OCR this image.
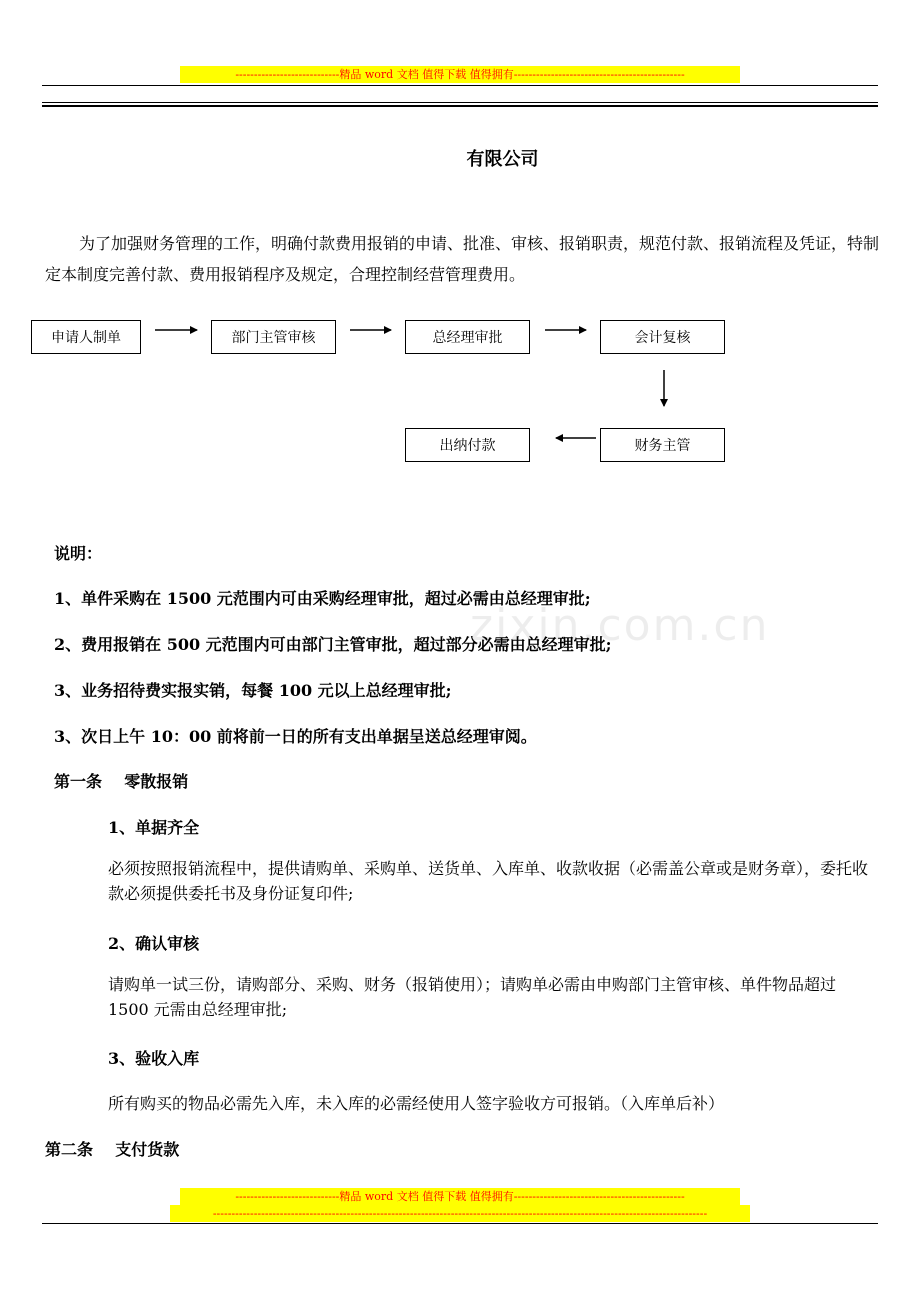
----------------------------精品 word 文档 值得下载 值得拥有----------------------------------------------
有限公司
为了加强财务管理的工作，明确付款费用报销的申请、批准、审核、报销职责，规范付款、报销流程及凭证，特制定本制度完善付款、费用报销程序及规定，合理控制经营管理费用。
申请人制单	部门主管审核	总经理审批	会计复核
财务主管
出纳付款
zixin.com.cn
说明：
1、单件采购在 1500 元范围内可由采购经理审批，超过必需由总经理审批;
2、费用报销在 500 元范围内可由部门主管审批，超过部分必需由总经理审批;
3、业务招待费实报实销，每餐 100 元以上总经理审批;
3、次日上午 10：00 前将前一日的所有支出单据呈送总经理审阅。
第一条    零散报销
1、单据齐全
必须按照报销流程中，提供请购单、采购单、送货单、入库单、收款收据（必需盖公章或是财务章），委托收款必须提供委托书及身份证复印件;
2、确认审核
请购单一试三份，请购部分、采购、财务（报销使用）；请购单必需由申购部门主管审核、单件物品超过 1500 元需由总经理审批;
3、验收入库
所有购买的物品必需先入库，未入库的必需经使用人签字验收方可报销。（入库单后补）
第二条    支付货款
----------------------------精品 word 文档 值得下载 值得拥有----------------------------------------------
-------------------------------------------------------------------------------------------------------------------------------------
